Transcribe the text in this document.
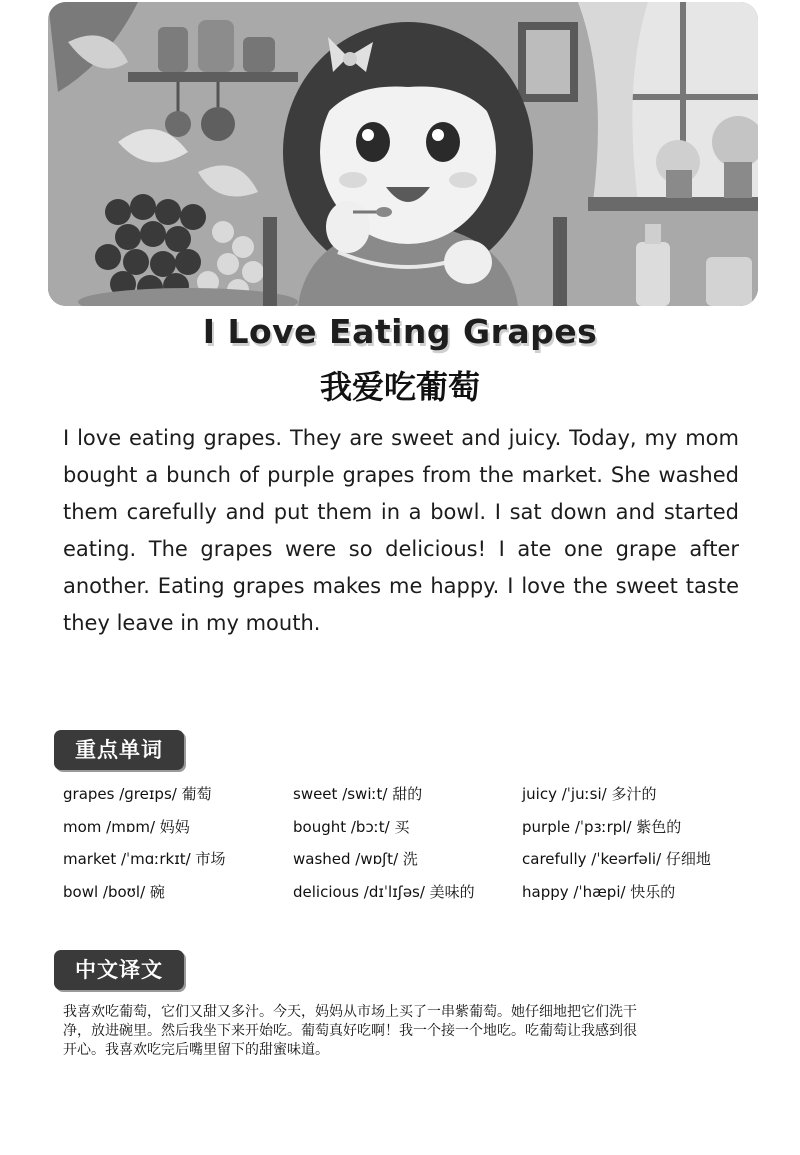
I Love Eating Grapes
我爱吃葡萄

I love eating grapes. They are sweet and juicy. Today, my mom bought a bunch of purple grapes from the market. She washed them carefully and put them in a bowl. I sat down and started eating. The grapes were so delicious! I ate one grape after another. Eating grapes makes me happy. I love the sweet taste they leave in my mouth.

重点单词
grapes /ɡreɪps/ 葡萄	sweet /swiːt/ 甜的	juicy /ˈjuːsi/ 多汁的
mom /mɒm/ 妈妈	bought /bɔːt/ 买	purple /ˈpɜːrpl/ 紫色的
market /ˈmɑːrkɪt/ 市场	washed /wɒʃt/ 洗	carefully /ˈkeərfəli/ 仔细地
bowl /boʊl/ 碗	delicious /dɪˈlɪʃəs/ 美味的	happy /ˈhæpi/ 快乐的
中文译文

我喜欢吃葡萄，它们又甜又多汁。今天，妈妈从市场上买了一串紫葡萄。她仔细地把它们洗干净，放进碗里。然后我坐下来开始吃。葡萄真好吃啊！我一个接一个地吃。吃葡萄让我感到很开心。我喜欢吃完后嘴里留下的甜蜜味道。
